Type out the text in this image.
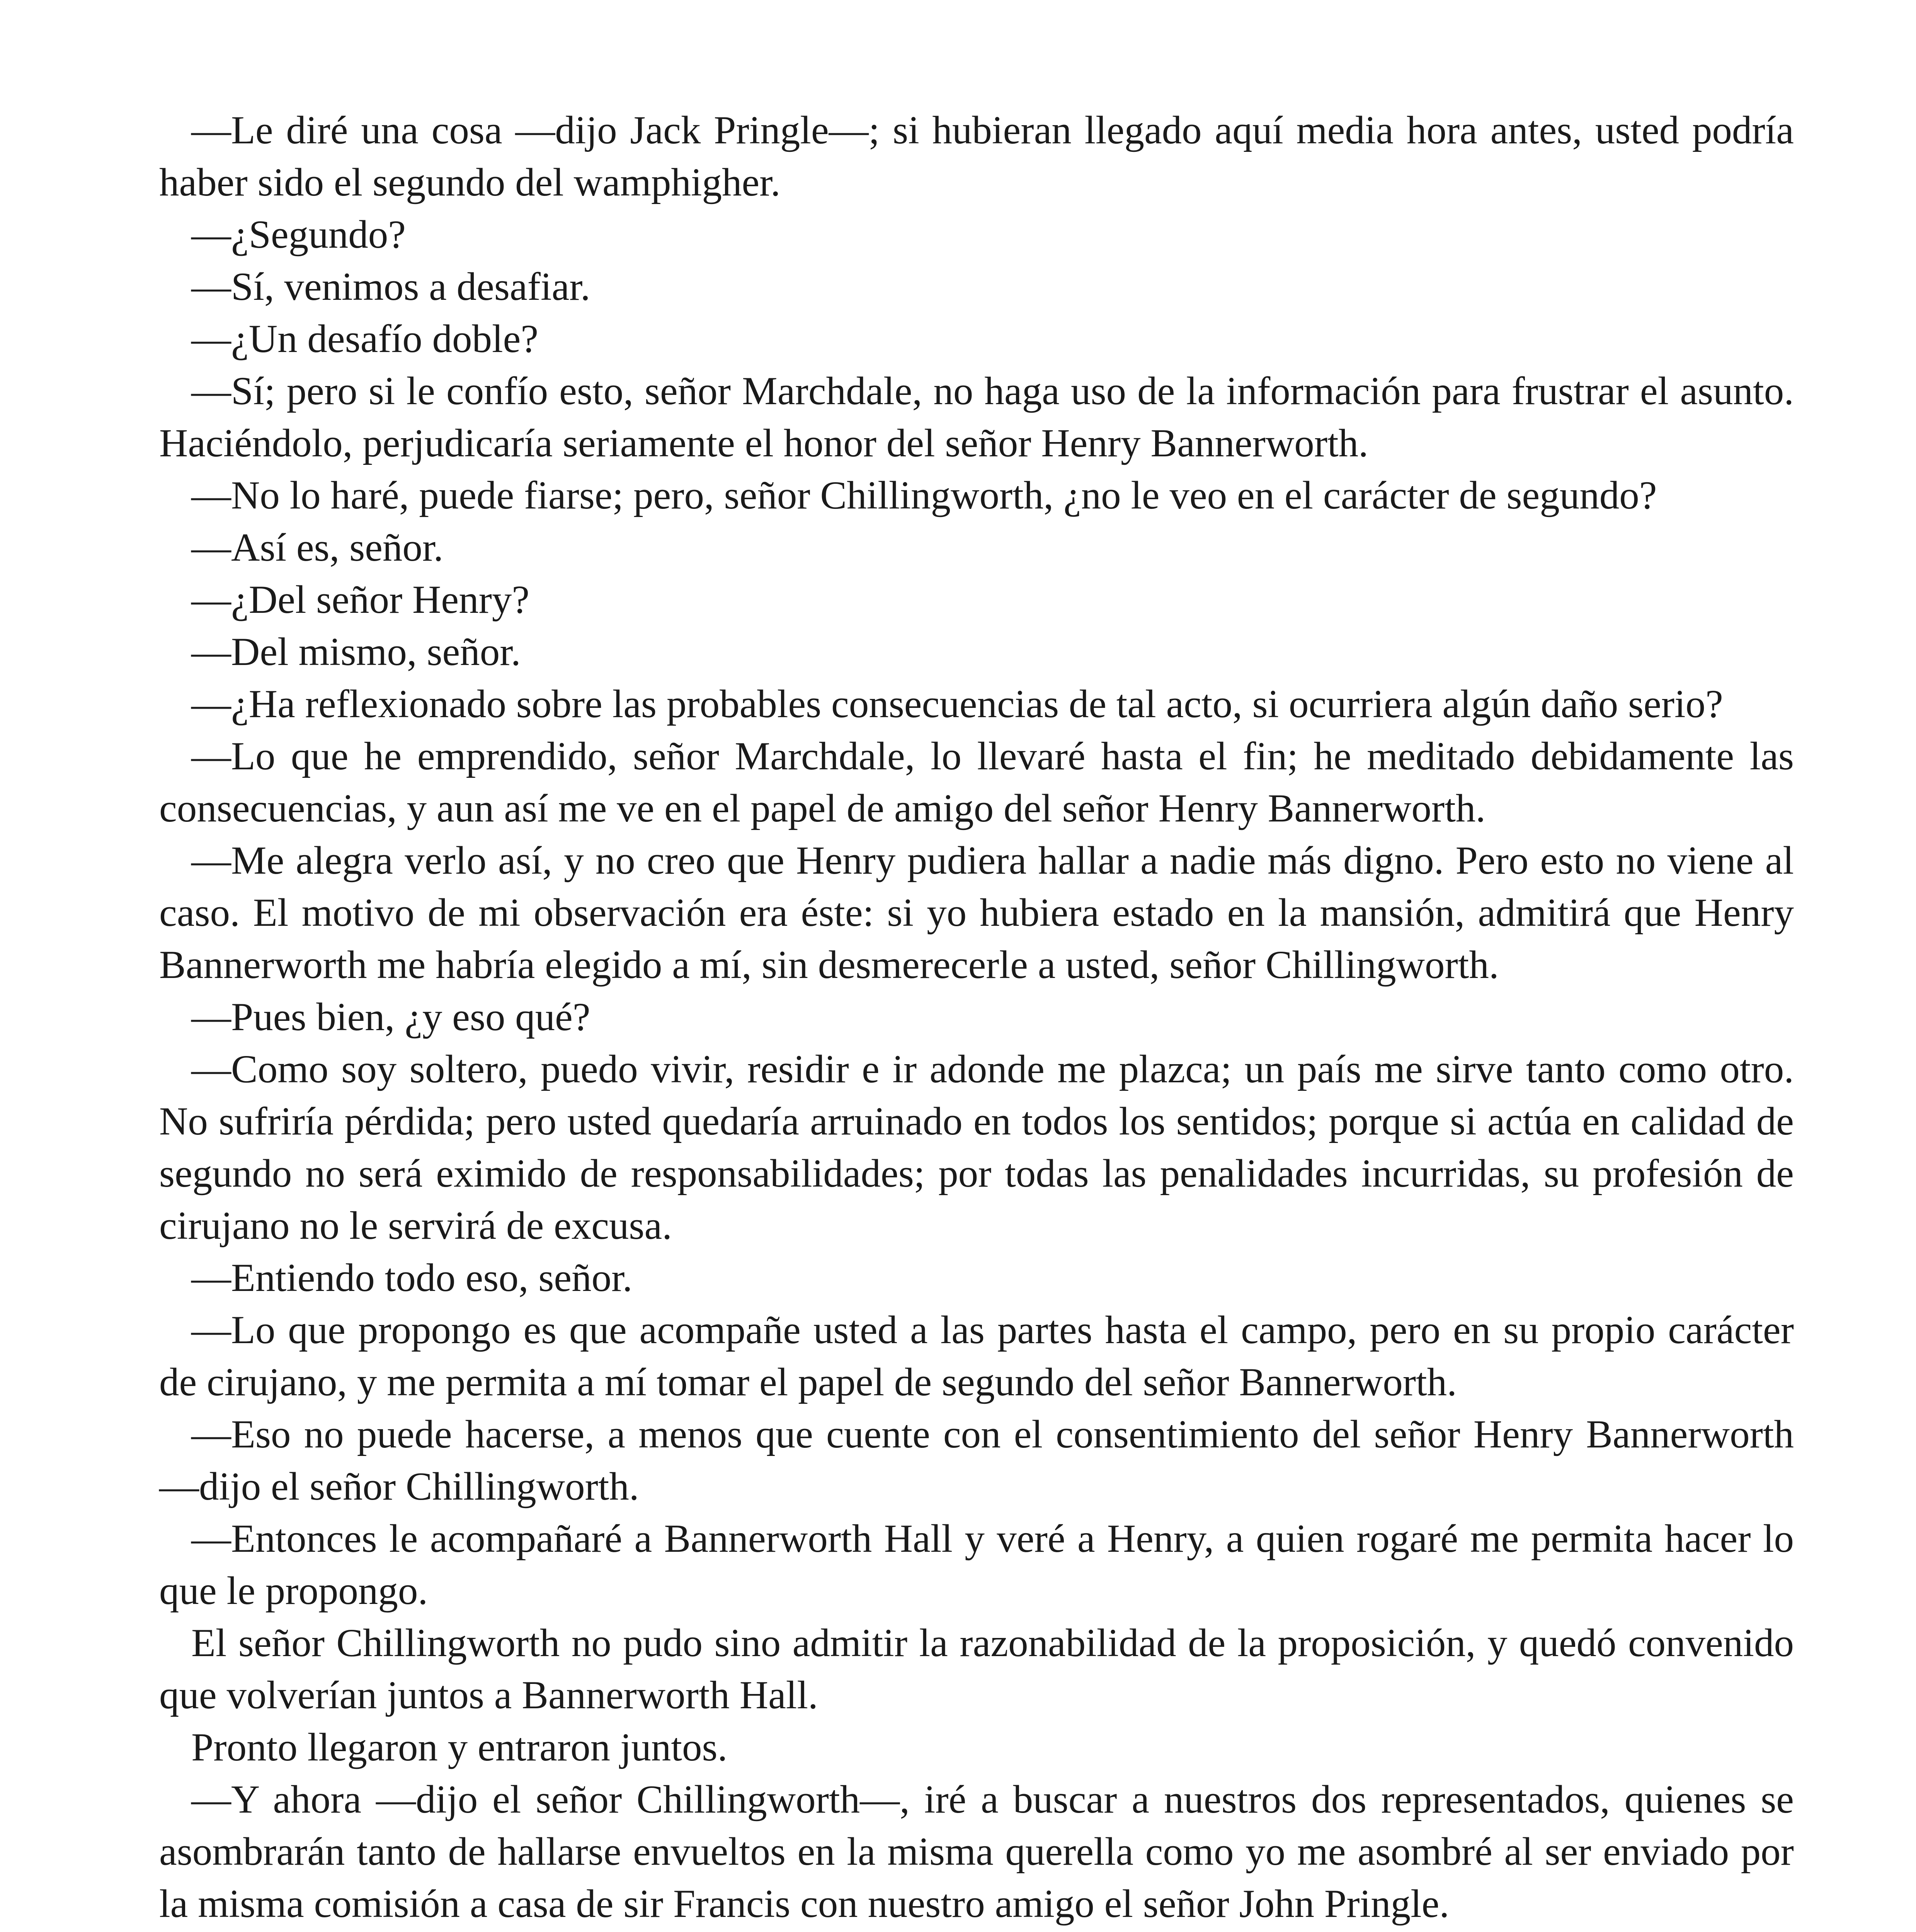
—Le diré una cosa —dijo Jack Pringle—; si hubieran llegado aquí media hora antes, usted podría haber sido el segundo del wamphigher.

—¿Segundo?

—Sí, venimos a desafiar.

—¿Un desafío doble?

—Sí; pero si le confío esto, señor Marchdale, no haga uso de la información para frustrar el asunto. Haciéndolo, perjudicaría seriamente el honor del señor Henry Bannerworth.

—No lo haré, puede fiarse; pero, señor Chillingworth, ¿no le veo en el carácter de segundo?

—Así es, señor.

—¿Del señor Henry?

—Del mismo, señor.

—¿Ha reflexionado sobre las probables consecuencias de tal acto, si ocurriera algún daño serio?

—Lo que he emprendido, señor Marchdale, lo llevaré hasta el fin; he meditado debidamente las consecuencias, y aun así me ve en el papel de amigo del señor Henry Bannerworth.

—Me alegra verlo así, y no creo que Henry pudiera hallar a nadie más digno. Pero esto no viene al caso. El motivo de mi observación era éste: si yo hubiera estado en la mansión, admitirá que Henry Bannerworth me habría elegido a mí, sin desmerecerle a usted, señor Chillingworth.

—Pues bien, ¿y eso qué?

—Como soy soltero, puedo vivir, residir e ir adonde me plazca; un país me sirve tanto como otro. No sufriría pérdida; pero usted quedaría arruinado en todos los sentidos; porque si actúa en calidad de segundo no será eximido de responsabilidades; por todas las penalidades incurridas, su profesión de cirujano no le servirá de excusa.

—Entiendo todo eso, señor.

—Lo que propongo es que acompañe usted a las partes hasta el campo, pero en su propio carácter de cirujano, y me permita a mí tomar el papel de segundo del señor Bannerworth.

—Eso no puede hacerse, a menos que cuente con el consentimiento del señor Henry Bannerworth —dijo el señor Chillingworth.

—Entonces le acompañaré a Bannerworth Hall y veré a Henry, a quien rogaré me permita hacer lo que le propongo.

El señor Chillingworth no pudo sino admitir la razonabilidad de la proposición, y quedó convenido que volverían juntos a Bannerworth Hall.

Pronto llegaron y entraron juntos.

—Y ahora —dijo el señor Chillingworth—, iré a buscar a nuestros dos representados, quienes se asombrarán tanto de hallarse envueltos en la misma querella como yo me asombré al ser enviado por la misma comisión a casa de sir Francis con nuestro amigo el señor John Pringle.
